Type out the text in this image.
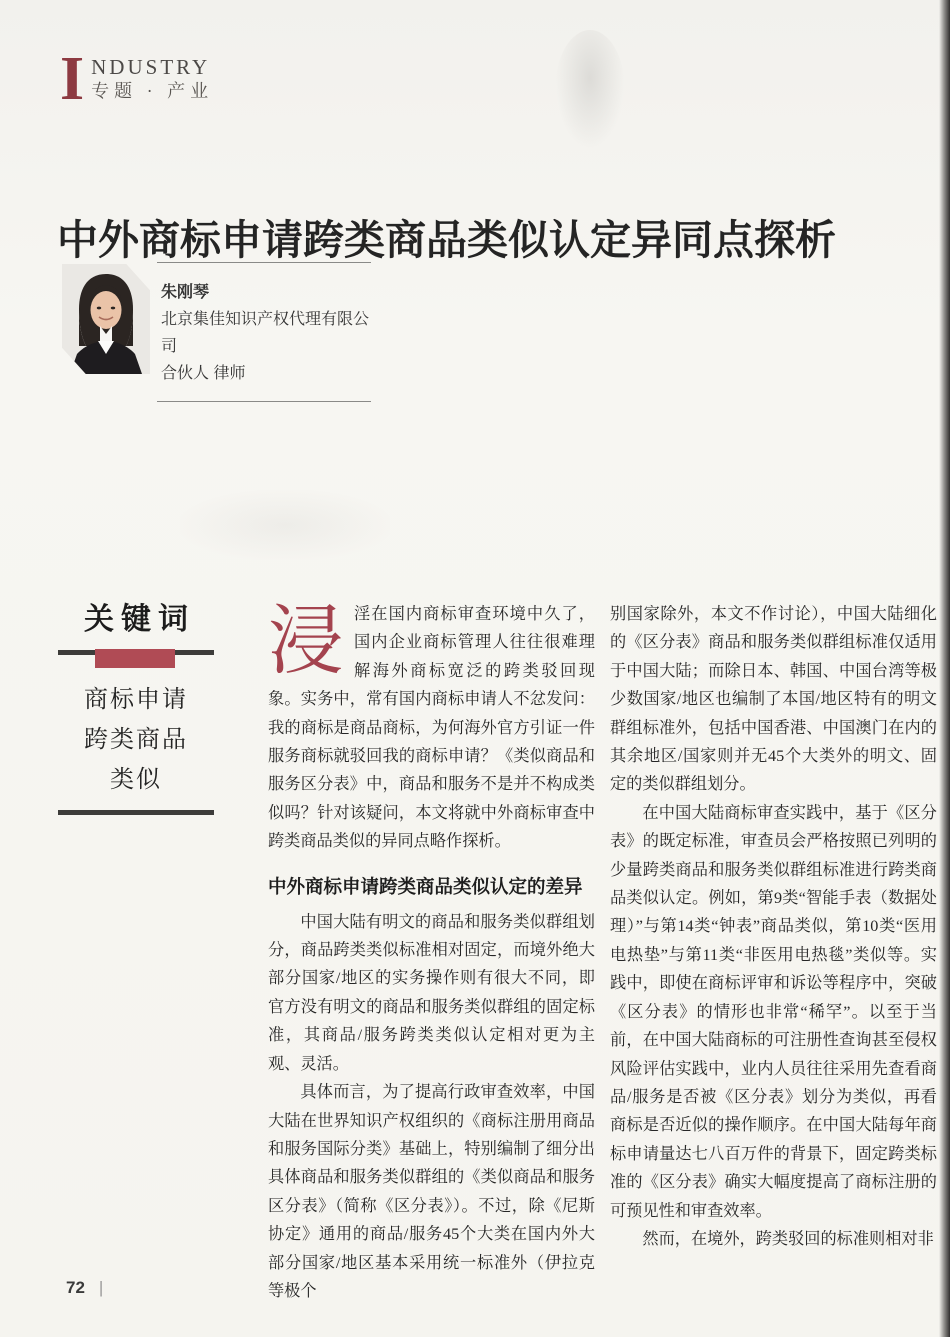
I NDUSTRY
专题 · 产业
中外商标申请跨类商品类似认定异同点探析
朱刚琴
北京集佳知识产权代理有限公司
合伙人 律师
关键词
商标申请
跨类商品
类似

浸淫在国内商标审查环境中久了，国内企业商标管理人往往很难理解海外商标宽泛的跨类驳回现象。实务中，常有国内商标申请人不忿发问：我的商标是商品商标，为何海外官方引证一件服务商标就驳回我的商标申请？《类似商品和服务区分表》中，商品和服务不是并不构成类似吗？针对该疑问，本文将就中外商标审查中跨类商品类似的异同点略作探析。

中外商标申请跨类商品类似认定的差异

中国大陆有明文的商品和服务类似群组划分，商品跨类类似标准相对固定，而境外绝大部分国家/地区的实务操作则有很大不同，即官方没有明文的商品和服务类似群组的固定标准，其商品/服务跨类类似认定相对更为主观、灵活。

具体而言，为了提高行政审查效率，中国大陆在世界知识产权组织的《商标注册用商品和服务国际分类》基础上，特别编制了细分出具体商品和服务类似群组的《类似商品和服务区分表》（简称《区分表》）。不过，除《尼斯协定》通用的商品/服务45个大类在国内外大部分国家/地区基本采用统一标准外（伊拉克等极个

别国家除外，本文不作讨论），中国大陆细化的《区分表》商品和服务类似群组标准仅适用于中国大陆；而除日本、韩国、中国台湾等极少数国家/地区也编制了本国/地区特有的明文群组标准外，包括中国香港、中国澳门在内的其余地区/国家则并无45个大类外的明文、固定的类似群组划分。

在中国大陆商标审查实践中，基于《区分表》的既定标准，审查员会严格按照已列明的少量跨类商品和服务类似群组标准进行跨类商品类似认定。例如，第9类“智能手表（数据处理）”与第14类“钟表”商品类似，第10类“医用电热垫”与第11类“非医用电热毯”类似等。实践中，即使在商标评审和诉讼等程序中，突破《区分表》的情形也非常“稀罕”。以至于当前，在中国大陆商标的可注册性查询甚至侵权风险评估实践中，业内人员往往采用先查看商品/服务是否被《区分表》划分为类似，再看商标是否近似的操作顺序。在中国大陆每年商标申请量达七八百万件的背景下，固定跨类标准的《区分表》确实大幅度提高了商标注册的可预见性和审查效率。

然而，在境外，跨类驳回的标准则相对非

72 |
